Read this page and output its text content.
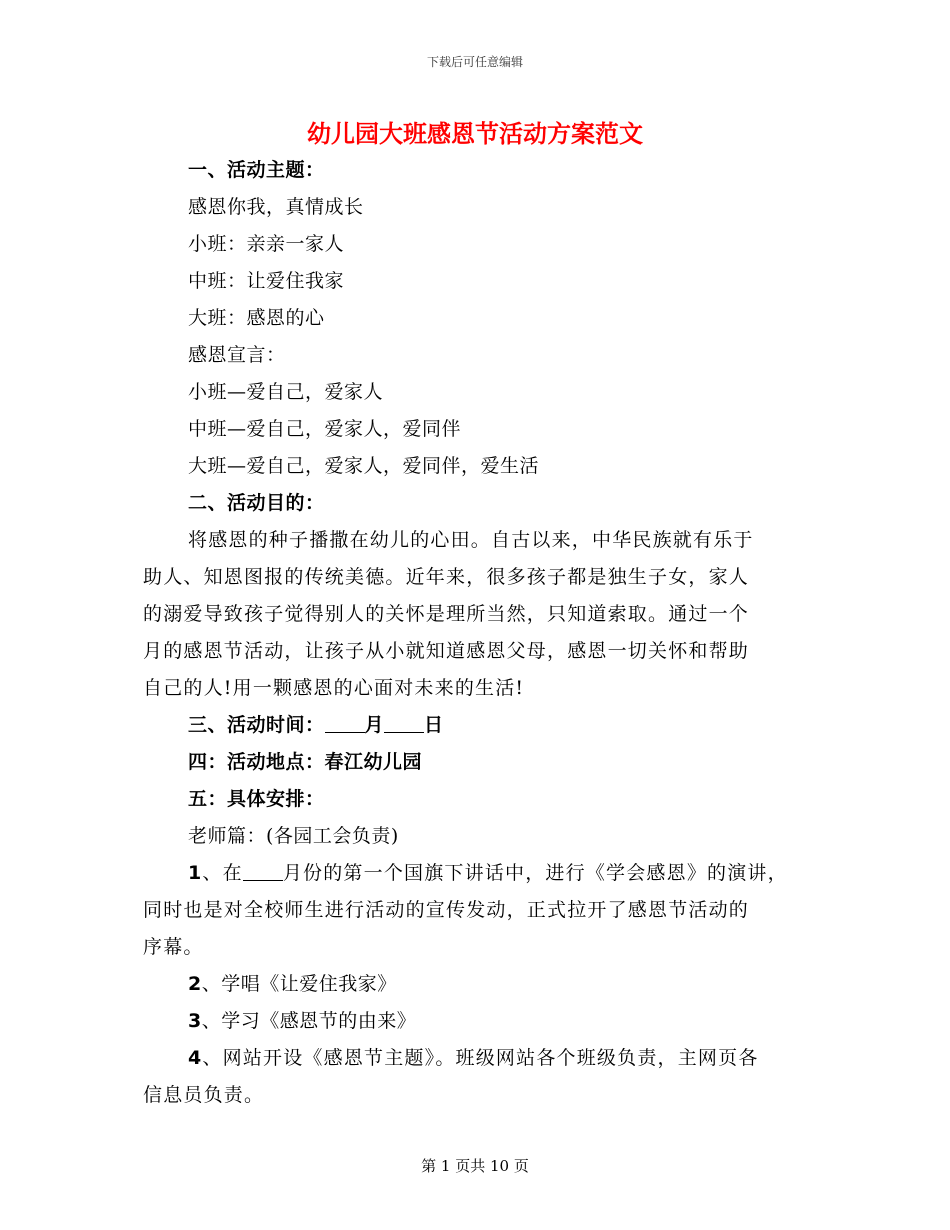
下载后可任意编辑
幼儿园大班感恩节活动方案范文
一、活动主题：
感恩你我，真情成长
小班：亲亲一家人
中班：让爱住我家
大班：感恩的心
感恩宣言：
小班—爱自己，爱家人
中班—爱自己，爱家人，爱同伴
大班—爱自己，爱家人，爱同伴，爱生活
二、活动目的：
将感恩的种子播撒在幼儿的心田。自古以来，中华民族就有乐于
助人、知恩图报的传统美德。近年来，很多孩子都是独生子女，家人
的溺爱导致孩子觉得别人的关怀是理所当然，只知道索取。通过一个
月的感恩节活动，让孩子从小就知道感恩父母，感恩一切关怀和帮助
自己的人!用一颗感恩的心面对未来的生活!
三、活动时间： 月 日
四：活动地点：春江幼儿园
五：具体安排：
老师篇：(各园工会负责)
1、在 月份的第一个国旗下讲话中，进行《学会感恩》的演讲，
同时也是对全校师生进行活动的宣传发动，正式拉开了感恩节活动的
序幕。
2、学唱《让爱住我家》
3、学习《感恩节的由来》
4、网站开设《感恩节主题》。班级网站各个班级负责，主网页各
信息员负责。
第 1 页共 10 页
